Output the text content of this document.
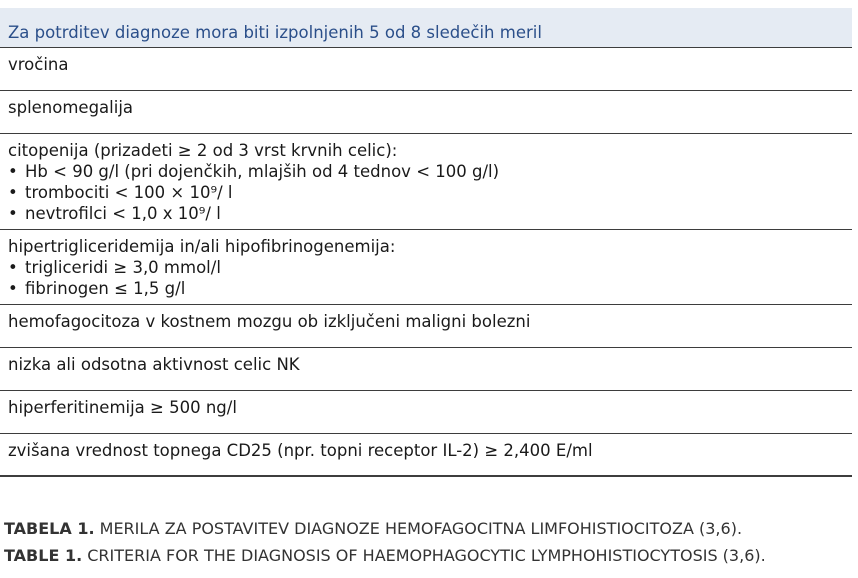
Za potrditev diagnoze mora biti izpolnjenih 5 od 8 sledečih meril
vročina
splenomegalija
citopenija (prizadeti ≥ 2 od 3 vrst krvnih celic):
• Hb < 90 g/l (pri dojenčkih, mlajših od 4 tednov < 100 g/l)
• trombociti < 100 × 10⁹/ l
• nevtrofilci < 1,0 x 10⁹/ l
hipertrigliceridemija in/ali hipofibrinogenemija:
• trigliceridi ≥ 3,0 mmol/l
• fibrinogen ≤ 1,5 g/l
hemofagocitoza v kostnem mozgu ob izključeni maligni bolezni
nizka ali odsotna aktivnost celic NK
hiperferitinemija ≥ 500 ng/l
zvišana vrednost topnega CD25 (npr. topni receptor IL-2) ≥ 2,400 E/ml
TABELA 1. MERILA ZA POSTAVITEV DIAGNOZE HEMOFAGOCITNA LIMFOHISTIOCITOZA (3,6).
TABLE 1. CRITERIA FOR THE DIAGNOSIS OF HAEMOPHAGOCYTIC LYMPHOHISTIOCYTOSIS (3,6).
